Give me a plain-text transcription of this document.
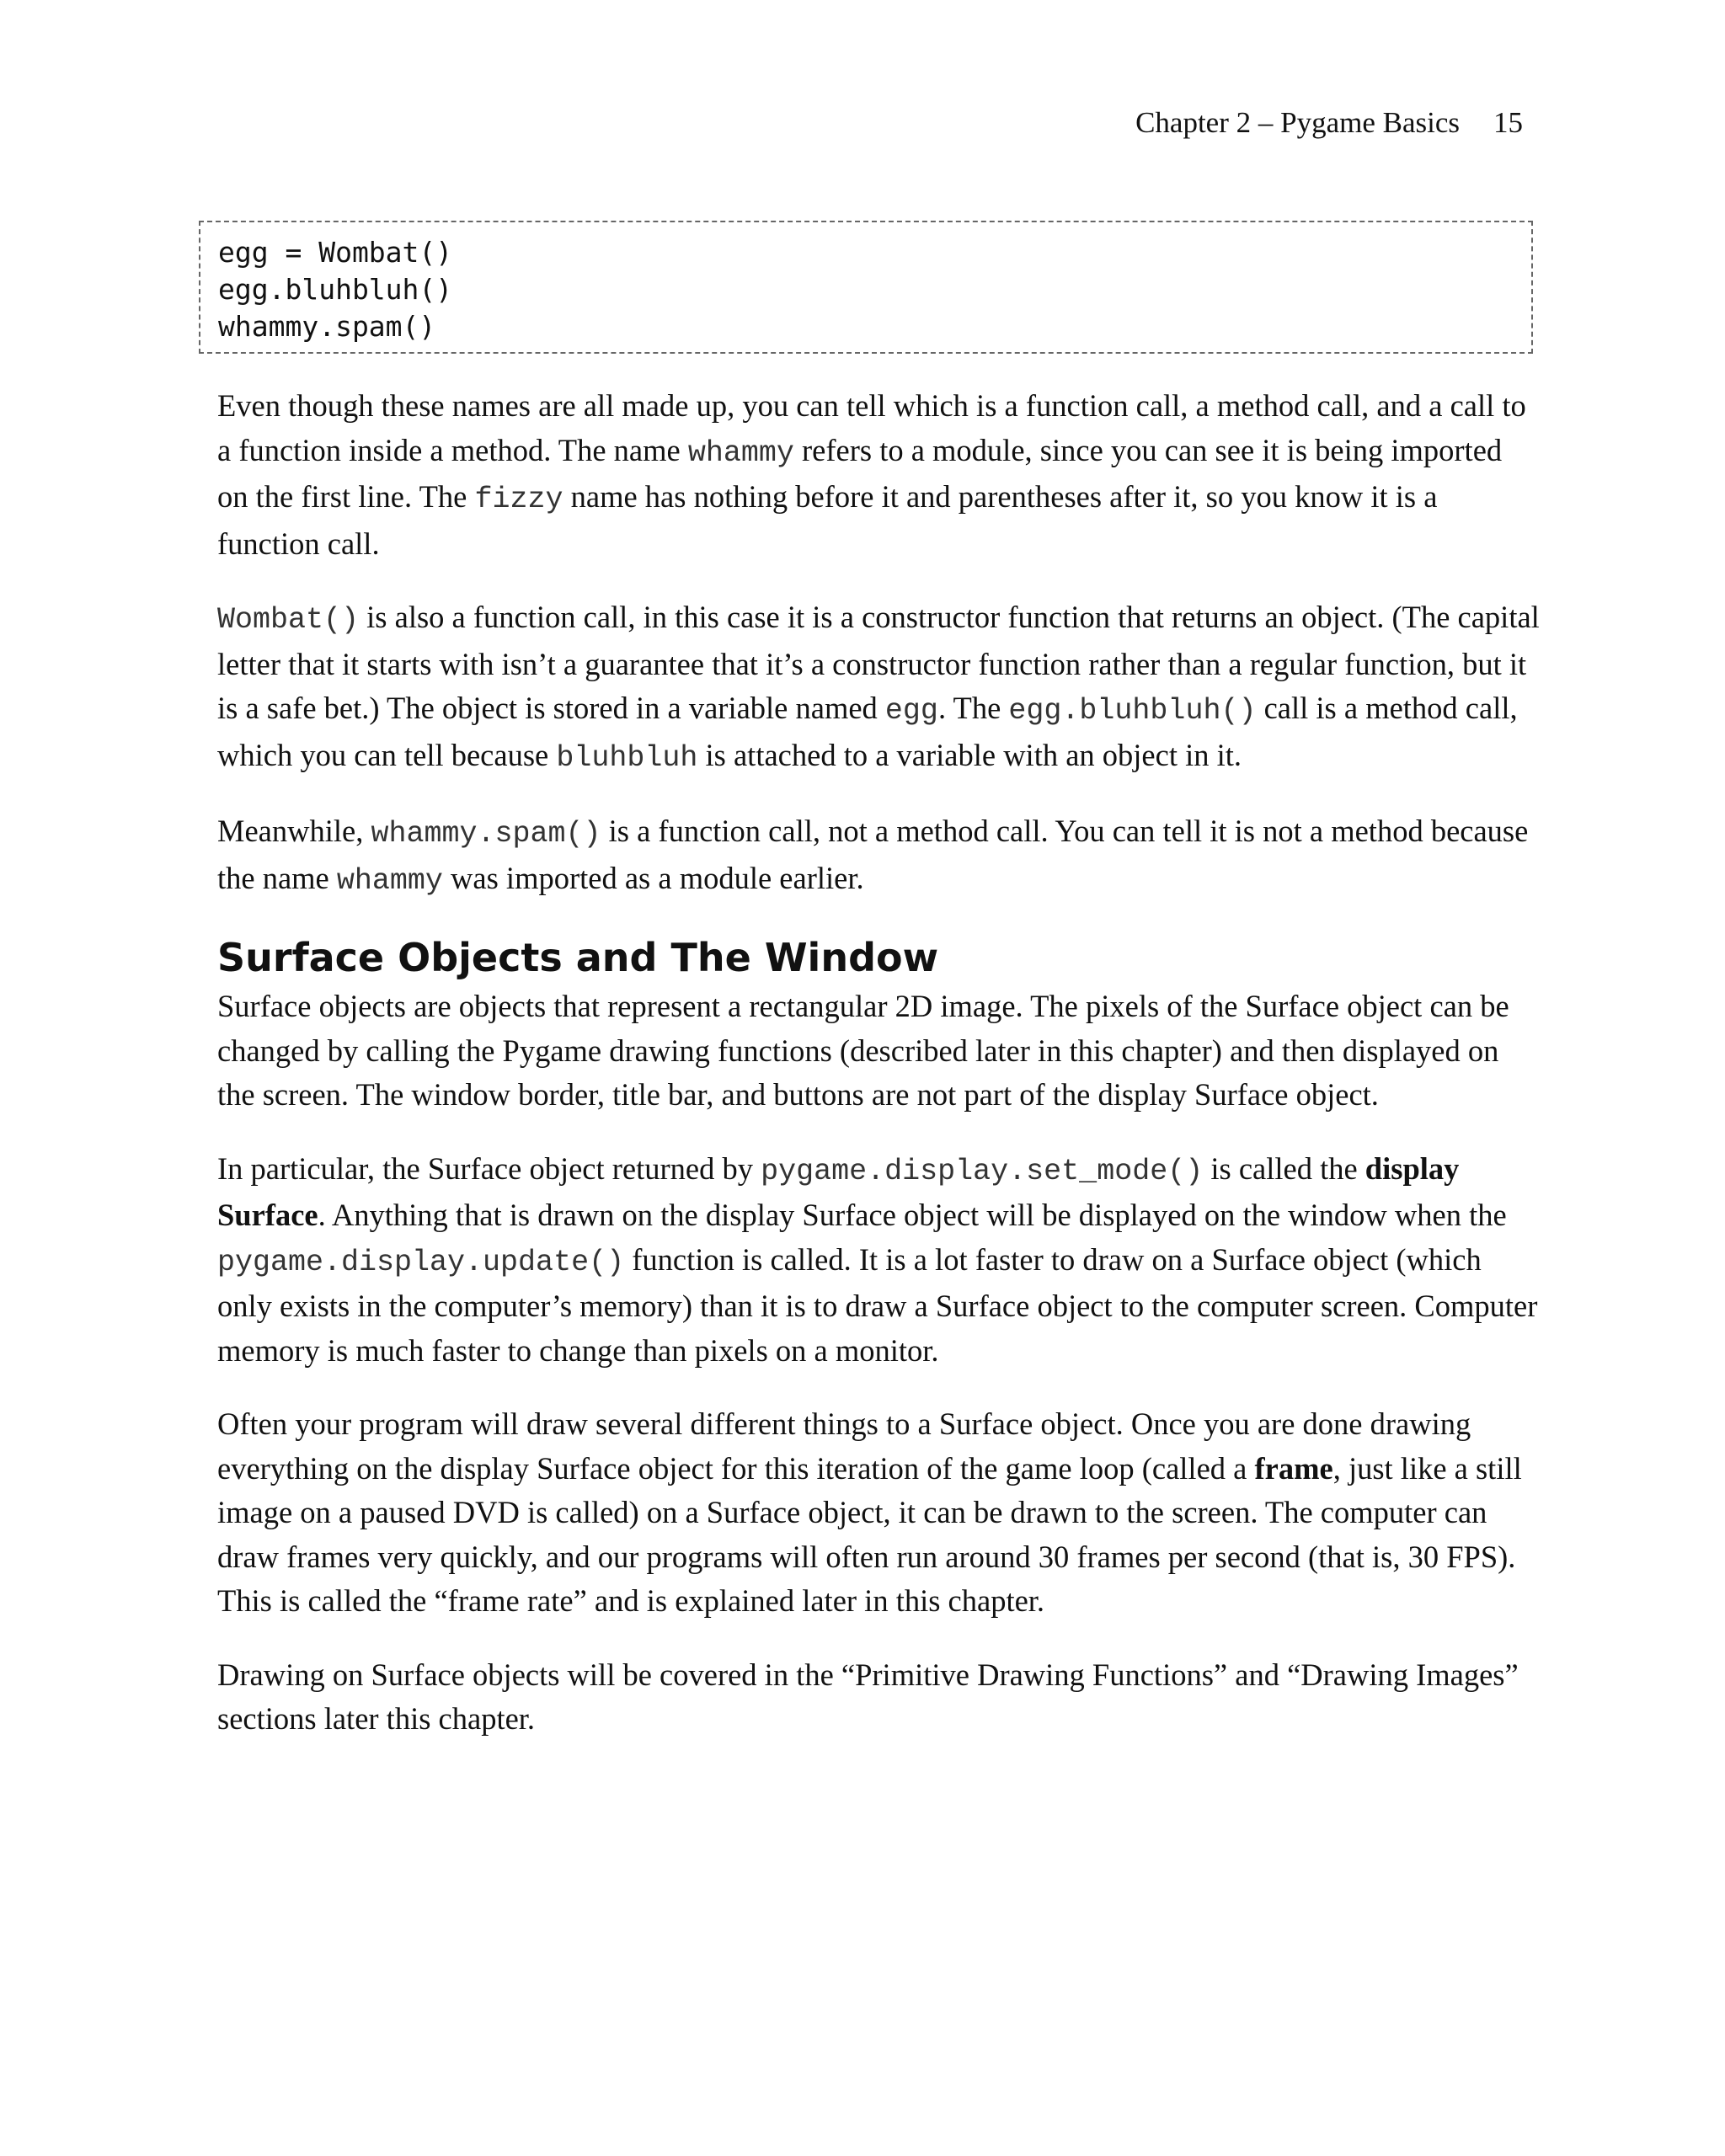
Chapter 2 – Pygame Basics 15
egg = Wombat()
egg.bluhbluh()
whammy.spam()

Even though these names are all made up, you can tell which is a function call, a method call, and a call to a function inside a method. The name whammy refers to a module, since you can see it is being imported on the first line. The fizzy name has nothing before it and parentheses after it, so you know it is a function call.

Wombat() is also a function call, in this case it is a constructor function that returns an object. (The capital letter that it starts with isn’t a guarantee that it’s a constructor function rather than a regular function, but it is a safe bet.) The object is stored in a variable named egg. The egg.bluhbluh() call is a method call, which you can tell because bluhbluh is attached to a variable with an object in it.

Meanwhile, whammy.spam() is a function call, not a method call. You can tell it is not a method because the name whammy was imported as a module earlier.

Surface Objects and The Window

Surface objects are objects that represent a rectangular 2D image. The pixels of the Surface object can be changed by calling the Pygame drawing functions (described later in this chapter) and then displayed on the screen. The window border, title bar, and buttons are not part of the display Surface object.

In particular, the Surface object returned by pygame.display.set_mode() is called the display Surface. Anything that is drawn on the display Surface object will be displayed on the window when the pygame.display.update() function is called. It is a lot faster to draw on a Surface object (which only exists in the computer’s memory) than it is to draw a Surface object to the computer screen. Computer memory is much faster to change than pixels on a monitor.

Often your program will draw several different things to a Surface object. Once you are done drawing everything on the display Surface object for this iteration of the game loop (called a frame, just like a still image on a paused DVD is called) on a Surface object, it can be drawn to the screen. The computer can draw frames very quickly, and our programs will often run around 30 frames per second (that is, 30 FPS). This is called the “frame rate” and is explained later in this chapter.

Drawing on Surface objects will be covered in the “Primitive Drawing Functions” and “Drawing Images” sections later this chapter.
